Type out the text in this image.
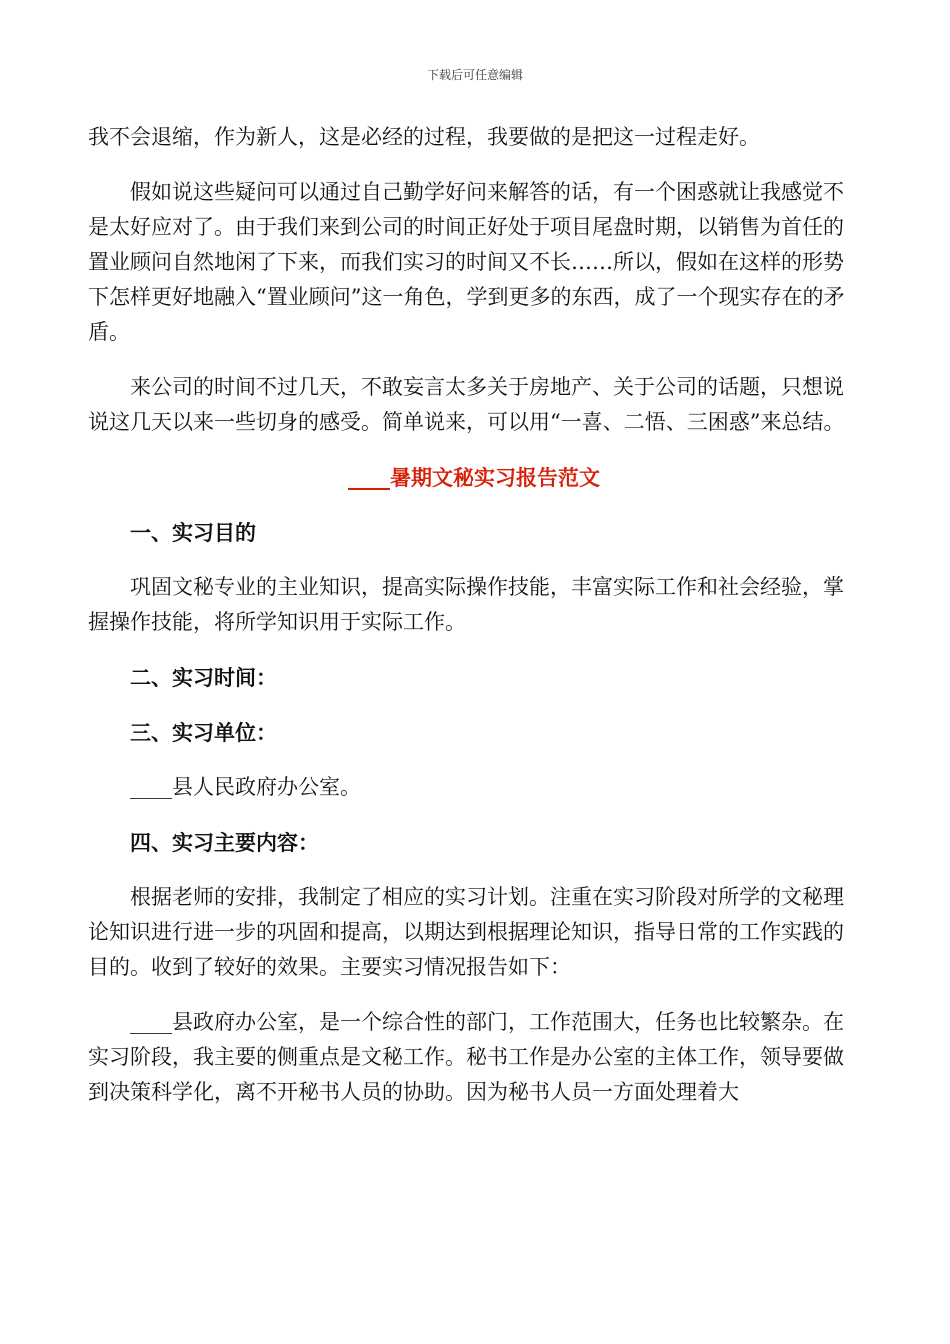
下载后可任意编辑

我不会退缩，作为新人，这是必经的过程，我要做的是把这一过程走好。

假如说这些疑问可以通过自己勤学好问来解答的话，有一个困惑就让我感觉不是太好应对了。由于我们来到公司的时间正好处于项目尾盘时期，以销售为首任的置业顾问自然地闲了下来，而我们实习的时间又不长……所以，假如在这样的形势下怎样更好地融入“置业顾问”这一角色，学到更多的东西，成了一个现实存在的矛盾。

来公司的时间不过几天，不敢妄言太多关于房地产、关于公司的话题，只想说说这几天以来一些切身的感受。简单说来，可以用“一喜、二悟、三困惑”来总结。

____暑期文秘实习报告范文

一、实习目的

巩固文秘专业的主业知识，提高实际操作技能，丰富实际工作和社会经验，掌握操作技能，将所学知识用于实际工作。

二、实习时间：

三、实习单位：

____县人民政府办公室。

四、实习主要内容：

根据老师的安排，我制定了相应的实习计划。注重在实习阶段对所学的文秘理论知识进行进一步的巩固和提高，以期达到根据理论知识，指导日常的工作实践的目的。收到了较好的效果。主要实习情况报告如下：

____县政府办公室，是一个综合性的部门，工作范围大，任务也比较繁杂。在实习阶段，我主要的侧重点是文秘工作。秘书工作是办公室的主体工作，领导要做到决策科学化，离不开秘书人员的协助。因为秘书人员一方面处理着大
